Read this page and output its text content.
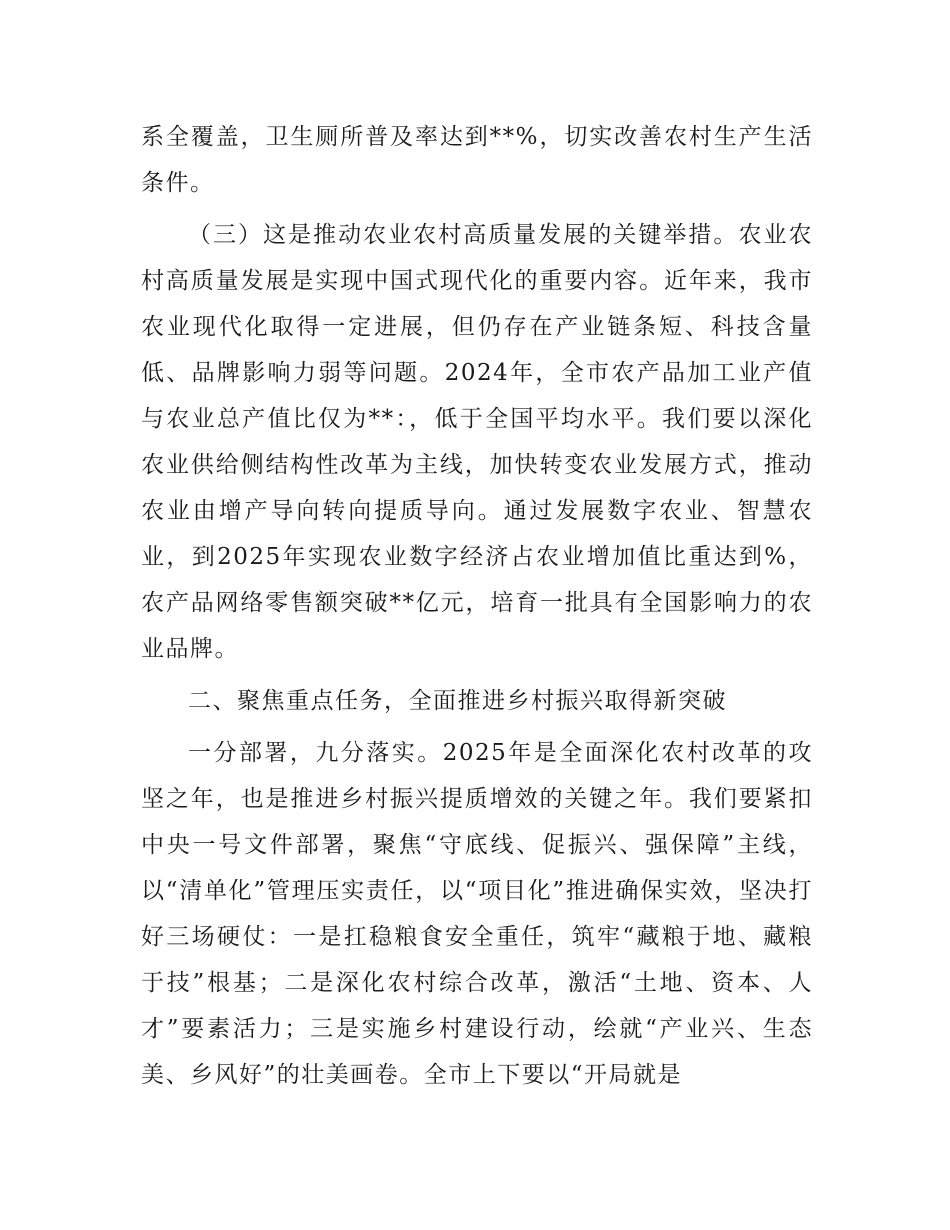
系全覆盖，卫生厕所普及率达到**%，切实改善农村生产生活条件。

（三）这是推动农业农村高质量发展的关键举措。农业农村高质量发展是实现中国式现代化的重要内容。近年来，我市农业现代化取得一定进展，但仍存在产业链条短、科技含量低、品牌影响力弱等问题。2024年，全市农产品加工业产值与农业总产值比仅为**：，低于全国平均水平。我们要以深化农业供给侧结构性改革为主线，加快转变农业发展方式，推动农业由增产导向转向提质导向。通过发展数字农业、智慧农业，到2025年实现农业数字经济占农业增加值比重达到%，农产品网络零售额突破**亿元，培育一批具有全国影响力的农业品牌。

二、聚焦重点任务，全面推进乡村振兴取得新突破

一分部署，九分落实。2025年是全面深化农村改革的攻坚之年，也是推进乡村振兴提质增效的关键之年。我们要紧扣中央一号文件部署，聚焦“守底线、促振兴、强保障”主线，以“清单化”管理压实责任，以“项目化”推进确保实效，坚决打好三场硬仗：一是扛稳粮食安全重任，筑牢“藏粮于地、藏粮于技”根基；二是深化农村综合改革，激活“土地、资本、人才”要素活力；三是实施乡村建设行动，绘就“产业兴、生态美、乡风好”的壮美画卷。全市上下要以“开局就是
